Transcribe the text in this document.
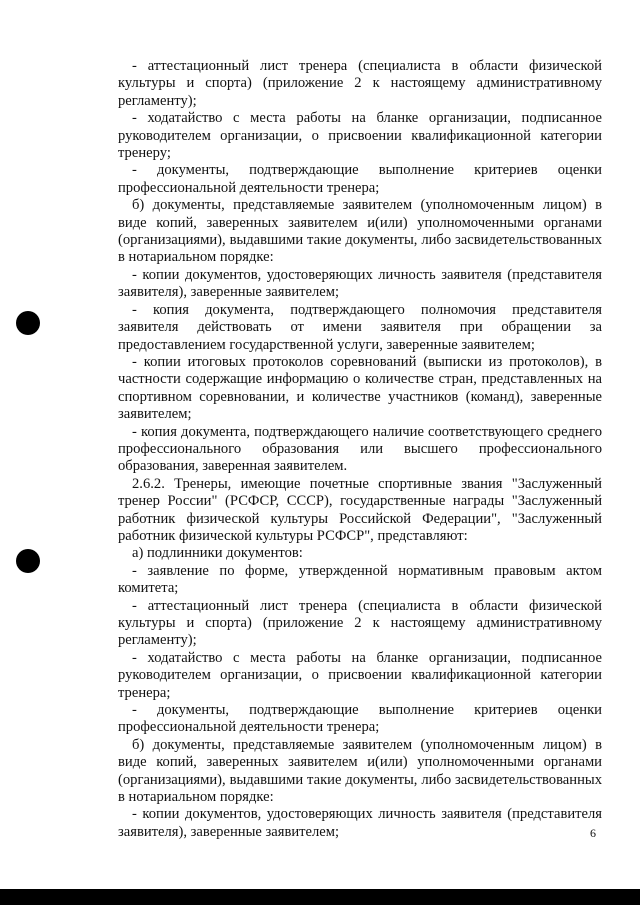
- аттестационный лист тренера (специалиста в области физической культуры и спорта) (приложение 2 к настоящему административному регламенту);

- ходатайство с места работы на бланке организации, подписанное руководителем организации, о присвоении квалификационной категории тренеру;

- документы, подтверждающие выполнение критериев оценки профессиональной деятельности тренера;

б) документы, представляемые заявителем (уполномоченным лицом) в виде копий, заверенных заявителем и(или) уполномоченными органами (организациями), выдавшими такие документы, либо засвидетельствованных в нотариальном порядке:

- копии документов, удостоверяющих личность заявителя (представителя заявителя), заверенные заявителем;

- копия документа, подтверждающего полномочия представителя заявителя действовать от имени заявителя при обращении за предоставлением государственной услуги, заверенные заявителем;

- копии итоговых протоколов соревнований (выписки из протоколов), в частности содержащие информацию о количестве стран, представленных на спортивном соревновании, и количестве участников (команд), заверенные заявителем;

- копия документа, подтверждающего наличие соответствующего среднего профессионального образования или высшего профессионального образования, заверенная заявителем.

2.6.2. Тренеры, имеющие почетные спортивные звания "Заслуженный тренер России" (РСФСР, СССР), государственные награды "Заслуженный работник физической культуры Российской Федерации", "Заслуженный работник физической культуры РСФСР", представляют:

а) подлинники документов:

- заявление по форме, утвержденной нормативным правовым актом комитета;

- аттестационный лист тренера (специалиста в области физической культуры и спорта) (приложение 2 к настоящему административному регламенту);

- ходатайство с места работы на бланке организации, подписанное руководителем организации, о присвоении квалификационной категории тренера;

- документы, подтверждающие выполнение критериев оценки профессиональной деятельности тренера;

б) документы, представляемые заявителем (уполномоченным лицом) в виде копий, заверенных заявителем и(или) уполномоченными органами (организациями), выдавшими такие документы, либо засвидетельствованных в нотариальном порядке:

- копии документов, удостоверяющих личность заявителя (представителя заявителя), заверенные заявителем;	6
